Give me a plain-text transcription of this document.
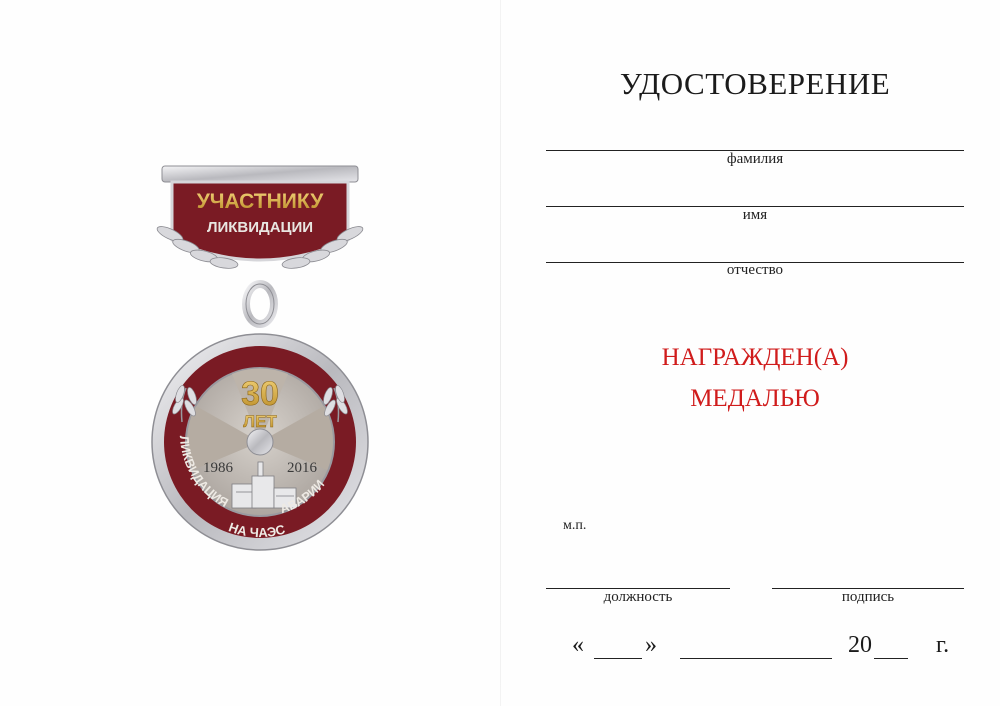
УЧАСТНИКУ
ЛИКВИДАЦИИ
30
ЛЕТ
1986	2016
ЛИКВИДАЦИЯ
НА ЧАЭС
АВАРИИ
УДОСТОВЕРЕНИЕ
фамилия
имя
отчество
НАГРАЖДЕН(А)
МЕДАЛЬЮ
м.п.
должность	подпись
«	»	20	г.
